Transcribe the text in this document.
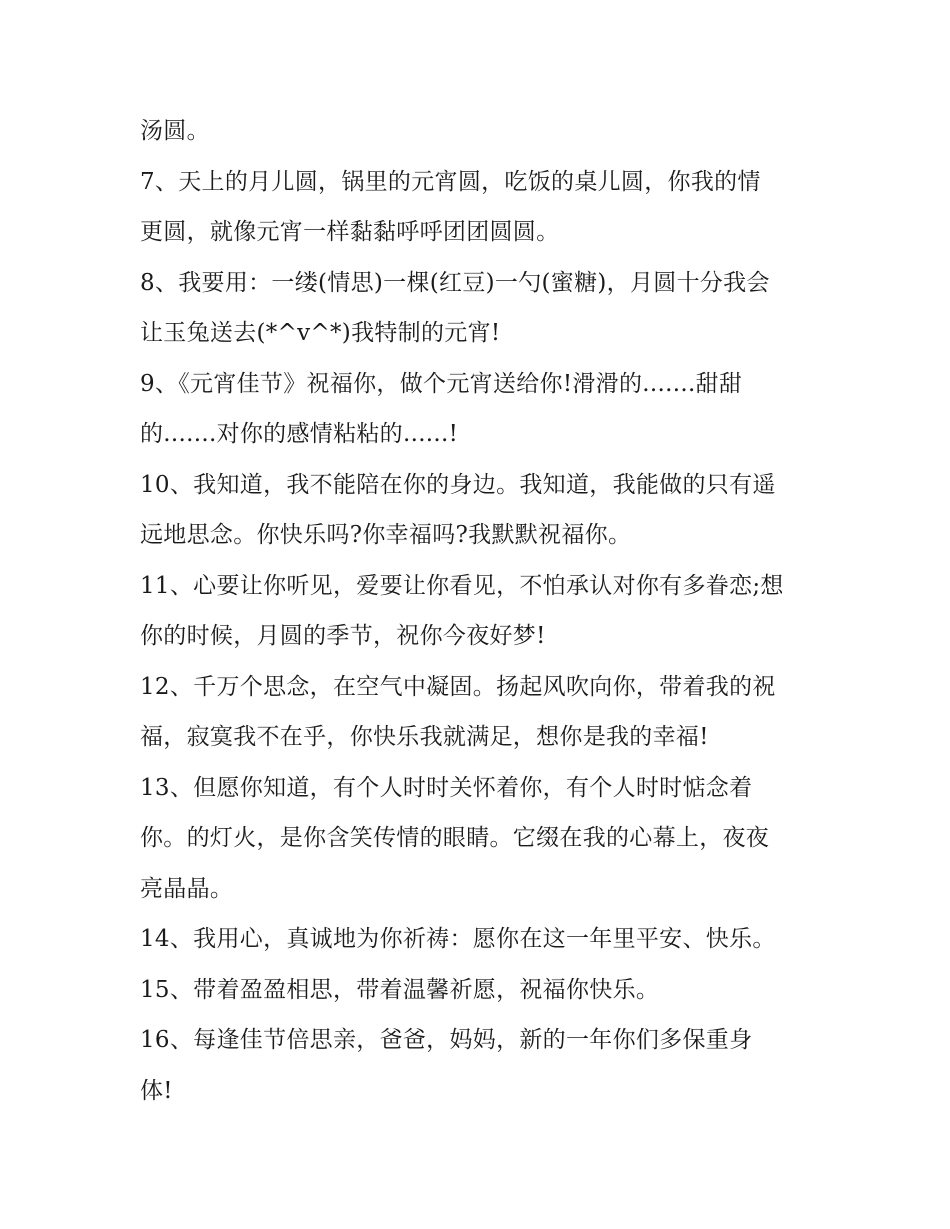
汤圆。
7、天上的月儿圆，锅里的元宵圆，吃饭的桌儿圆，你我的情
更圆，就像元宵一样黏黏呼呼团团圆圆。
8、我要用：一缕(情思)一棵(红豆)一勺(蜜糖)，月圆十分我会
让玉兔送去(*^v^*)我特制的元宵!
9、《元宵佳节》祝福你，做个元宵送给你!滑滑的.......甜甜
的.......对你的感情粘粘的......!
10、我知道，我不能陪在你的身边。我知道，我能做的只有遥
远地思念。你快乐吗?你幸福吗?我默默祝福你。
11、心要让你听见，爱要让你看见，不怕承认对你有多眷恋;想
你的时候，月圆的季节，祝你今夜好梦!
12、千万个思念，在空气中凝固。扬起风吹向你，带着我的祝
福，寂寞我不在乎，你快乐我就满足，想你是我的幸福!
13、但愿你知道，有个人时时关怀着你，有个人时时惦念着
你。的灯火，是你含笑传情的眼睛。它缀在我的心幕上，夜夜
亮晶晶。
14、我用心，真诚地为你祈祷：愿你在这一年里平安、快乐。
15、带着盈盈相思，带着温馨祈愿，祝福你快乐。
16、每逢佳节倍思亲，爸爸，妈妈，新的一年你们多保重身
体!
